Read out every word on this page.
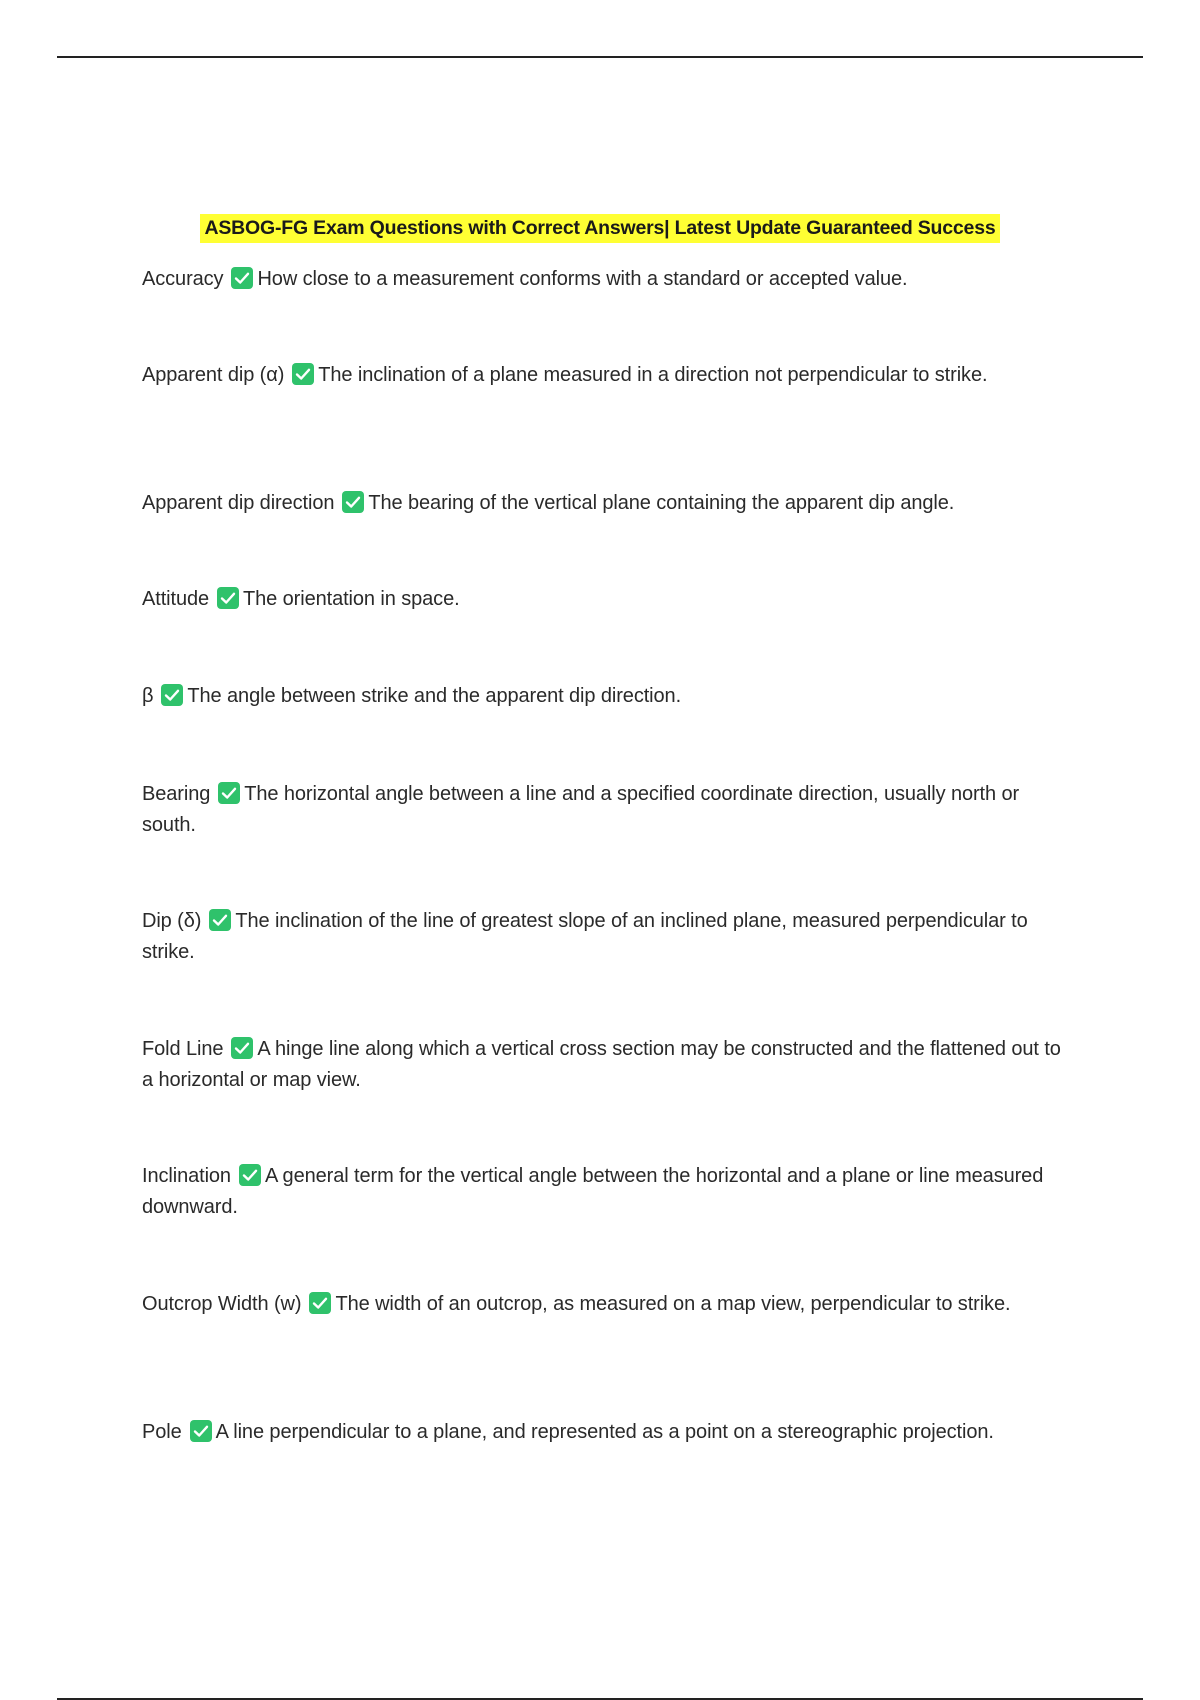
ASBOG-FG Exam Questions with Correct Answers| Latest Update Guaranteed Success
Accuracy How close to a measurement conforms with a standard or accepted value.
Apparent dip (α) The inclination of a plane measured in a direction not perpendicular to strike.
Apparent dip direction The bearing of the vertical plane containing the apparent dip angle.
Attitude The orientation in space.
β The angle between strike and the apparent dip direction.
Bearing The horizontal angle between a line and a specified coordinate direction, usually north or south.
Dip (δ) The inclination of the line of greatest slope of an inclined plane, measured perpendicular to strike.
Fold Line A hinge line along which a vertical cross section may be constructed and the flattened out to a horizontal or map view.
Inclination A general term for the vertical angle between the horizontal and a plane or line measured downward.
Outcrop Width (w) The width of an outcrop, as measured on a map view, perpendicular to strike.
Pole A line perpendicular to a plane, and represented as a point on a stereographic projection.
